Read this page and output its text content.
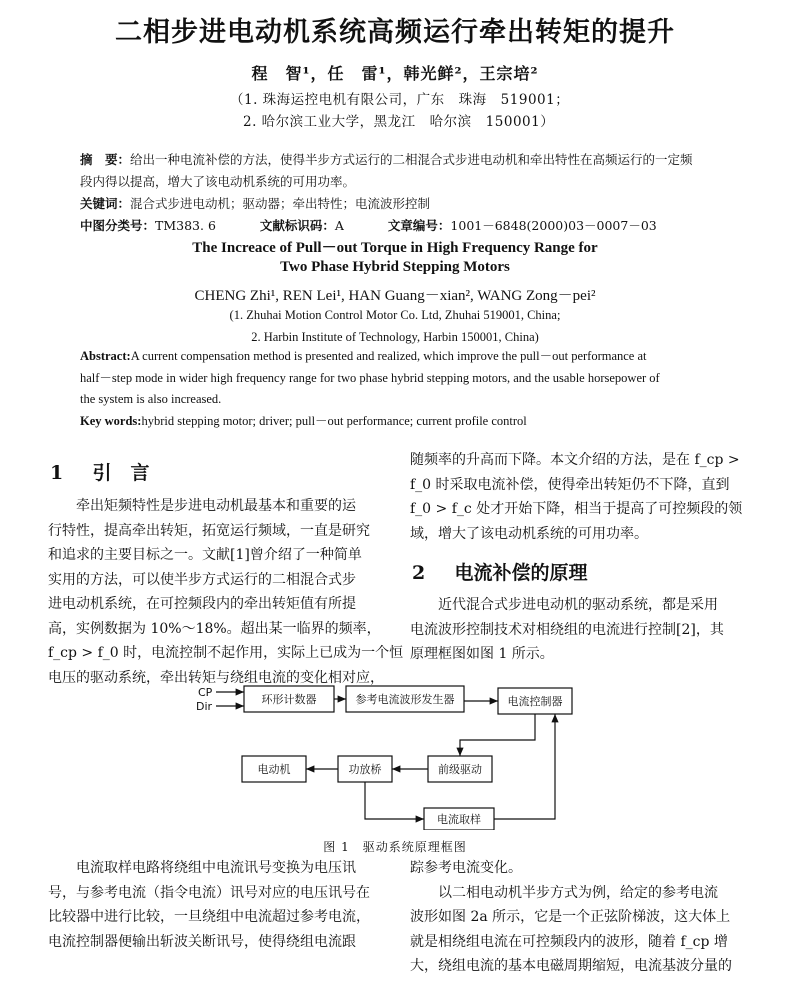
二相步进电动机系统高频运行牵出转矩的提升
程　智¹，任　雷¹，韩光鲜²，王宗培²
（1. 珠海运控电机有限公司，广东　珠海　519001；
2. 哈尔滨工业大学，黑龙江　哈尔滨　150001）
摘　要：给出一种电流补偿的方法，使得半步方式运行的二相混合式步进电动机和牵出特性在高频运行的一定频
段内得以提高，增大了该电动机系统的可用功率。
关键词：混合式步进电动机；驱动器；牵出特性；电流波形控制
中图分类号：TM383. 6	文献标识码：A	文章编号：1001－6848(2000)03－0007－03
The Increace of Pull－out Torque in High Frequency Range for
Two Phase Hybrid Stepping Motors
CHENG Zhi¹, REN Lei¹, HAN Guang－xian², WANG Zong－pei²
(1. Zhuhai Motion Control Motor Co. Ltd, Zhuhai 519001, China;
2. Harbin Institute of Technology, Harbin 150001, China)
Abstract:A current compensation method is presented and realized, which improve the pull－out performance at
half－step mode in wider high frequency range for two phase hybrid stepping motors, and the usable horsepower of
the system is also increased.
Key words:hybrid stepping motor; driver; pull－out performance; current profile control
1 引　言
　　牵出矩频特性是步进电动机最基本和重要的运
行特性，提高牵出转矩，拓宽运行频域，一直是研究
和追求的主要目标之一。文献[1]曾介绍了一种简单
实用的方法，可以使半步方式运行的二相混合式步
进电动机系统，在可控频段内的牵出转矩值有所提
高，实例数据为 10%～18%。超出某一临界的频率，
f_cp > f_0 时，电流控制不起作用，实际上已成为一个恒
电压的驱动系统，牵出转矩与绕组电流的变化相对应，
随频率的升高而下降。本文介绍的方法，是在 f_cp >
f_0 时采取电流补偿，使得牵出转矩仍不下降，直到
f_0 > f_c 处才开始下降，相当于提高了可控频段的领
域，增大了该电动机系统的可用功率。
2 电流补偿的原理
　　近代混合式步进电动机的驱动系统，都是采用
电流波形控制技术对相绕组的电流进行控制[2]，其
原理框图如图 1 所示。
CP
Dir
环形计数器	参考电流波形发生器	电流控制器
电动机	功放桥	前级驱动
电流取样
图 1　驱动系统原理框图
　　电流取样电路将绕组中电流讯号变换为电压讯
号，与参考电流（指令电流）讯号对应的电压讯号在
比较器中进行比较，一旦绕组中电流超过参考电流，
电流控制器便输出斩波关断讯号，使得绕组电流跟
踪参考电流变化。
　　以二相电动机半步方式为例，给定的参考电流
波形如图 2a 所示，它是一个正弦阶梯波，这大体上
就是相绕组电流在可控频段内的波形，随着 f_cp 增
大，绕组电流的基本电磁周期缩短，电流基波分量的
